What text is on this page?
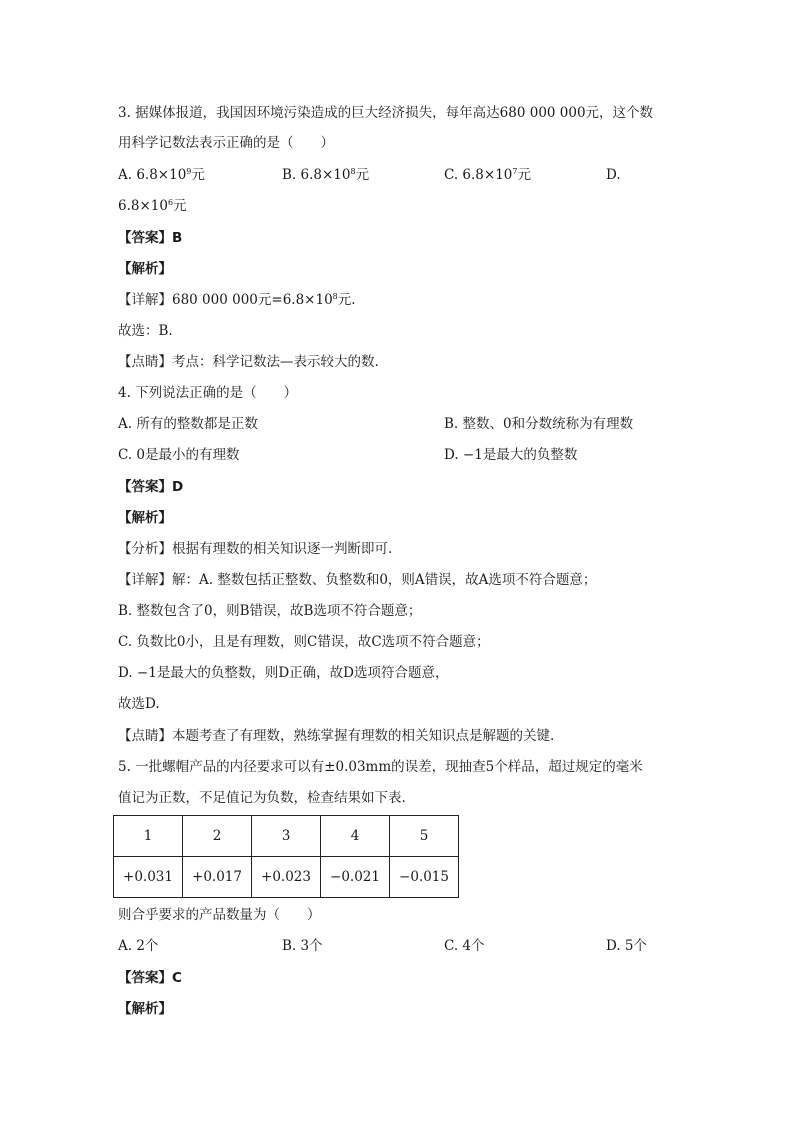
3. 据媒体报道，我国因环境污染造成的巨大经济损失，每年高达680 000 000元，这个数
用科学记数法表示正确的是（　　）
A. $6.8\times 10^9$元	B. $6.8\times 10^8$元	C. $6.8\times 10^7$元	D.
$6.8\times 10^6$元
【答案】B
【解析】
【详解】680 000 000元$=6.8\times 10^8$元.
故选：B.
【点睛】考点：科学记数法—表示较大的数.
4. 下列说法正确的是（　　）
A. 所有的整数都是正数	B. 整数、0和分数统称为有理数
C. 0是最小的有理数	D. −1是最大的负整数
【答案】D
【解析】
【分析】根据有理数的相关知识逐一判断即可.
【详解】解：A. 整数包括正整数、负整数和0，则A错误，故A选项不符合题意；
B. 整数包含了0，则B错误，故B选项不符合题意；
C. 负数比0小，且是有理数，则C错误，故C选项不符合题意；
D. −1是最大的负整数，则D正确，故D选项符合题意，
故选D.
【点睛】本题考查了有理数，熟练掌握有理数的相关知识点是解题的关键.
5. 一批螺帽产品的内径要求可以有±0.03mm的误差，现抽查5个样品，超过规定的毫米
值记为正数，不足值记为负数，检查结果如下表.
1	2	3	4	5
+0.031	+0.017	+0.023	−0.021	−0.015
则合乎要求的产品数量为（　　）
A. 2个	B. 3个	C. 4个	D. 5个
【答案】C
【解析】
